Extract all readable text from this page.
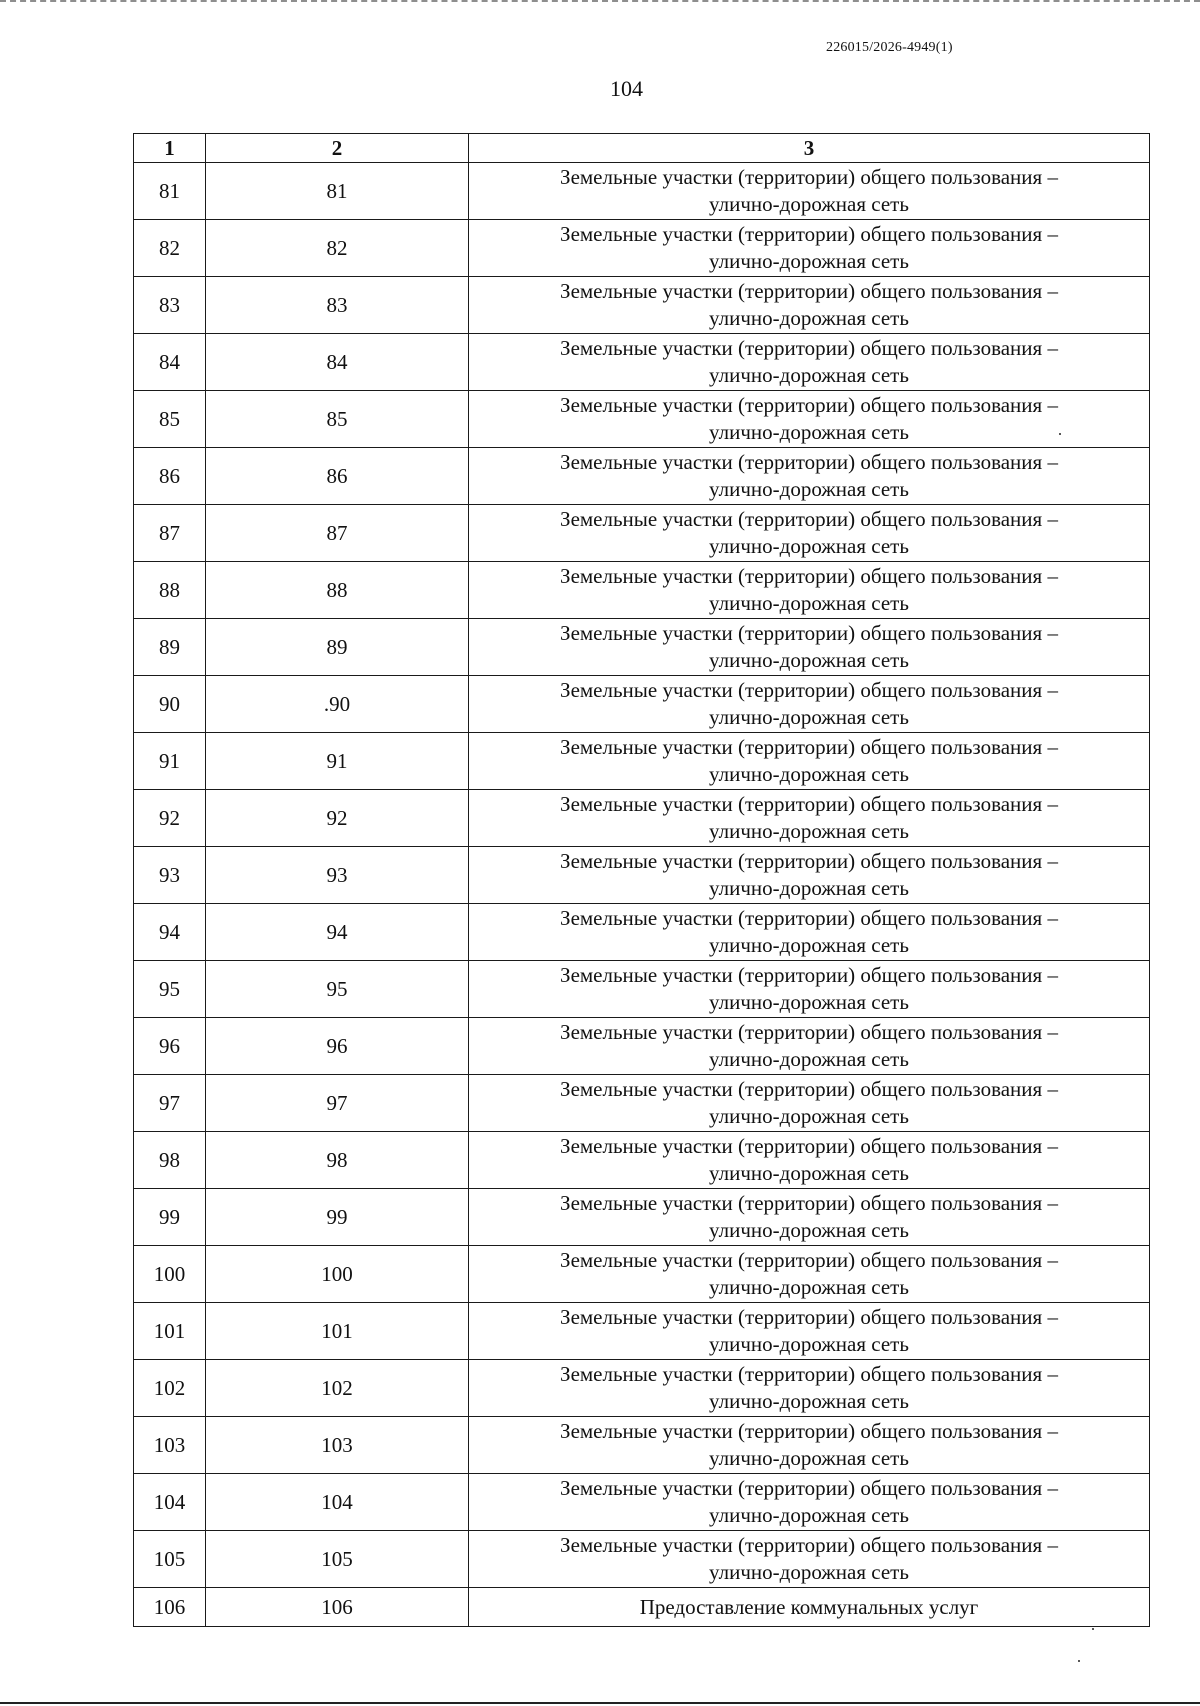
226015/2026-4949(1)
104
1	2	3
81	81	Земельные участки (территории) общего пользования –
улично-дорожная сеть

82	82	Земельные участки (территории) общего пользования –
улично-дорожная сеть

83	83	Земельные участки (территории) общего пользования –
улично-дорожная сеть

84	84	Земельные участки (территории) общего пользования –
улично-дорожная сеть

85	85	Земельные участки (территории) общего пользования –
улично-дорожная сеть

86	86	Земельные участки (территории) общего пользования –
улично-дорожная сеть

87	87	Земельные участки (территории) общего пользования –
улично-дорожная сеть

88	88	Земельные участки (территории) общего пользования –
улично-дорожная сеть

89	89	Земельные участки (территории) общего пользования –
улично-дорожная сеть

90	.90	Земельные участки (территории) общего пользования –
улично-дорожная сеть

91	91	Земельные участки (территории) общего пользования –
улично-дорожная сеть

92	92	Земельные участки (территории) общего пользования –
улично-дорожная сеть

93	93	Земельные участки (территории) общего пользования –
улично-дорожная сеть

94	94	Земельные участки (территории) общего пользования –
улично-дорожная сеть

95	95	Земельные участки (территории) общего пользования –
улично-дорожная сеть

96	96	Земельные участки (территории) общего пользования –
улично-дорожная сеть

97	97	Земельные участки (территории) общего пользования –
улично-дорожная сеть

98	98	Земельные участки (территории) общего пользования –
улично-дорожная сеть

99	99	Земельные участки (территории) общего пользования –
улично-дорожная сеть

100	100	Земельные участки (территории) общего пользования –
улично-дорожная сеть

101	101	Земельные участки (территории) общего пользования –
улично-дорожная сеть

102	102	Земельные участки (территории) общего пользования –
улично-дорожная сеть

103	103	Земельные участки (территории) общего пользования –
улично-дорожная сеть

104	104	Земельные участки (территории) общего пользования –
улично-дорожная сеть

105	105	Земельные участки (территории) общего пользования –
улично-дорожная сеть

106	106	Предоставление коммунальных услуг
